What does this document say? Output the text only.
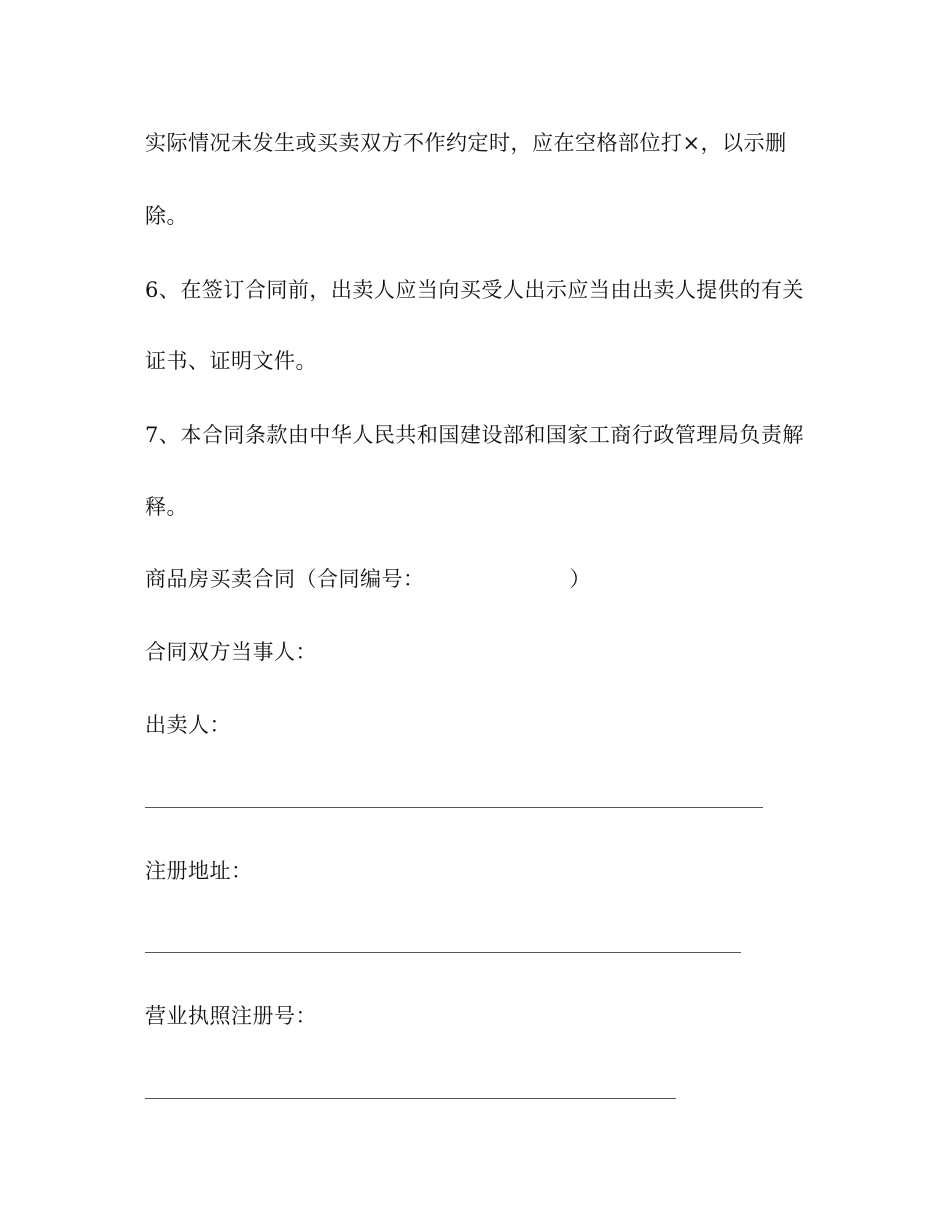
实际情况未发生或买卖双方不作约定时，应在空格部位打×，以示删
除。
6、在签订合同前，出卖人应当向买受人出示应当由出卖人提供的有关
证书、证明文件。
7、本合同条款由中华人民共和国建设部和国家工商行政管理局负责解
释。
商品房买卖合同（合同编号：	）
合同双方当事人：
出卖人：
注册地址：
营业执照注册号：
